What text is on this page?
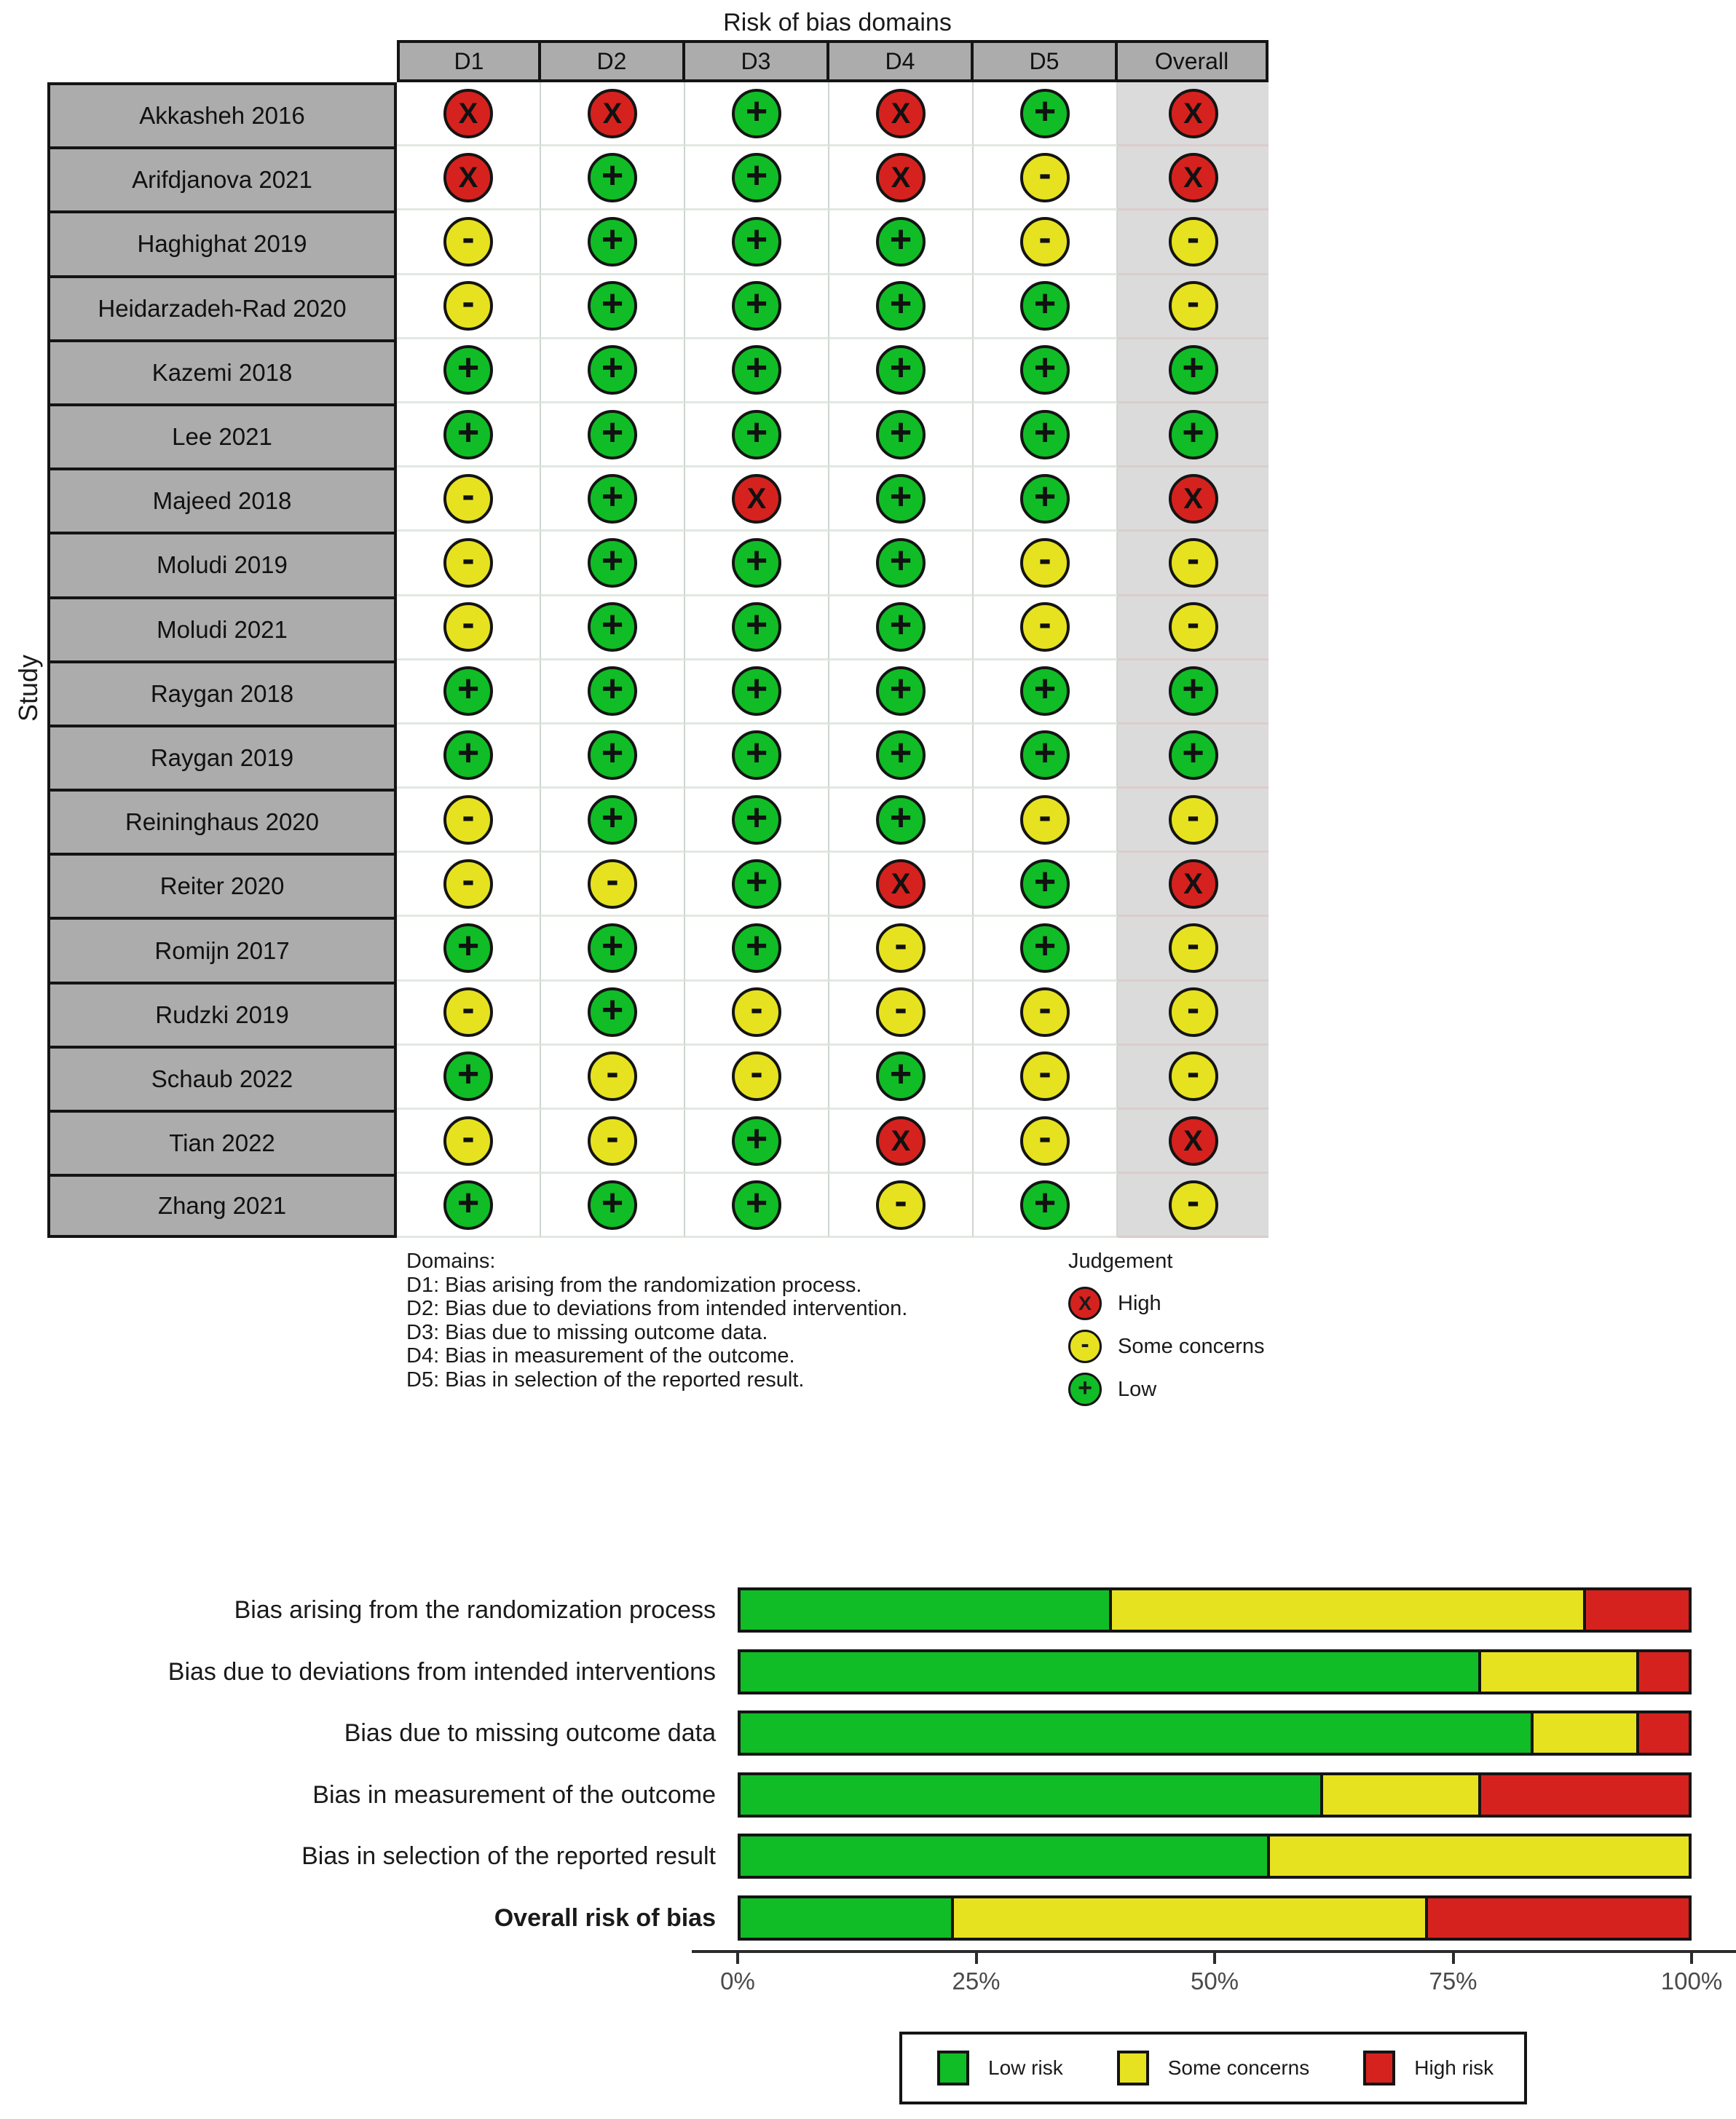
Risk of bias domains
Study
D1	D2	D3	D4	D5	Overall
Akkasheh 2016	X	X	+	X	+	X
Arifdjanova 2021	X	+	+	X	-	X
Haghighat 2019	-	+	+	+	-	-
Heidarzadeh-Rad 2020	-	+	+	+	+	-
Kazemi 2018	+	+	+	+	+	+
Lee 2021	+	+	+	+	+	+
Majeed 2018	-	+	X	+	+	X
Moludi 2019	-	+	+	+	-	-
Moludi 2021	-	+	+	+	-	-
Raygan 2018	+	+	+	+	+	+
Raygan 2019	+	+	+	+	+	+
Reininghaus 2020	-	+	+	+	-	-
Reiter 2020	-	-	+	X	+	X
Romijn 2017	+	+	+	-	+	-
Rudzki 2019	-	+	-	-	-	-
Schaub 2022	+	-	-	+	-	-
Tian 2022	-	-	+	X	-	X
Zhang 2021	+	+	+	-	+	-
Domains:
D1: Bias arising from the randomization process.
D2: Bias due to deviations from intended intervention.
D3: Bias due to missing outcome data.
D4: Bias in measurement of the outcome.
D5: Bias in selection of the reported result.
Judgement
X	High
-	Some concerns
+	Low
Bias arising from the randomization process
Bias due to deviations from intended interventions
Bias due to missing outcome data
Bias in measurement of the outcome
Bias in selection of the reported result
Overall risk of bias
0%	25%	50%	75%	100%
Low risk	Some concerns	High risk
